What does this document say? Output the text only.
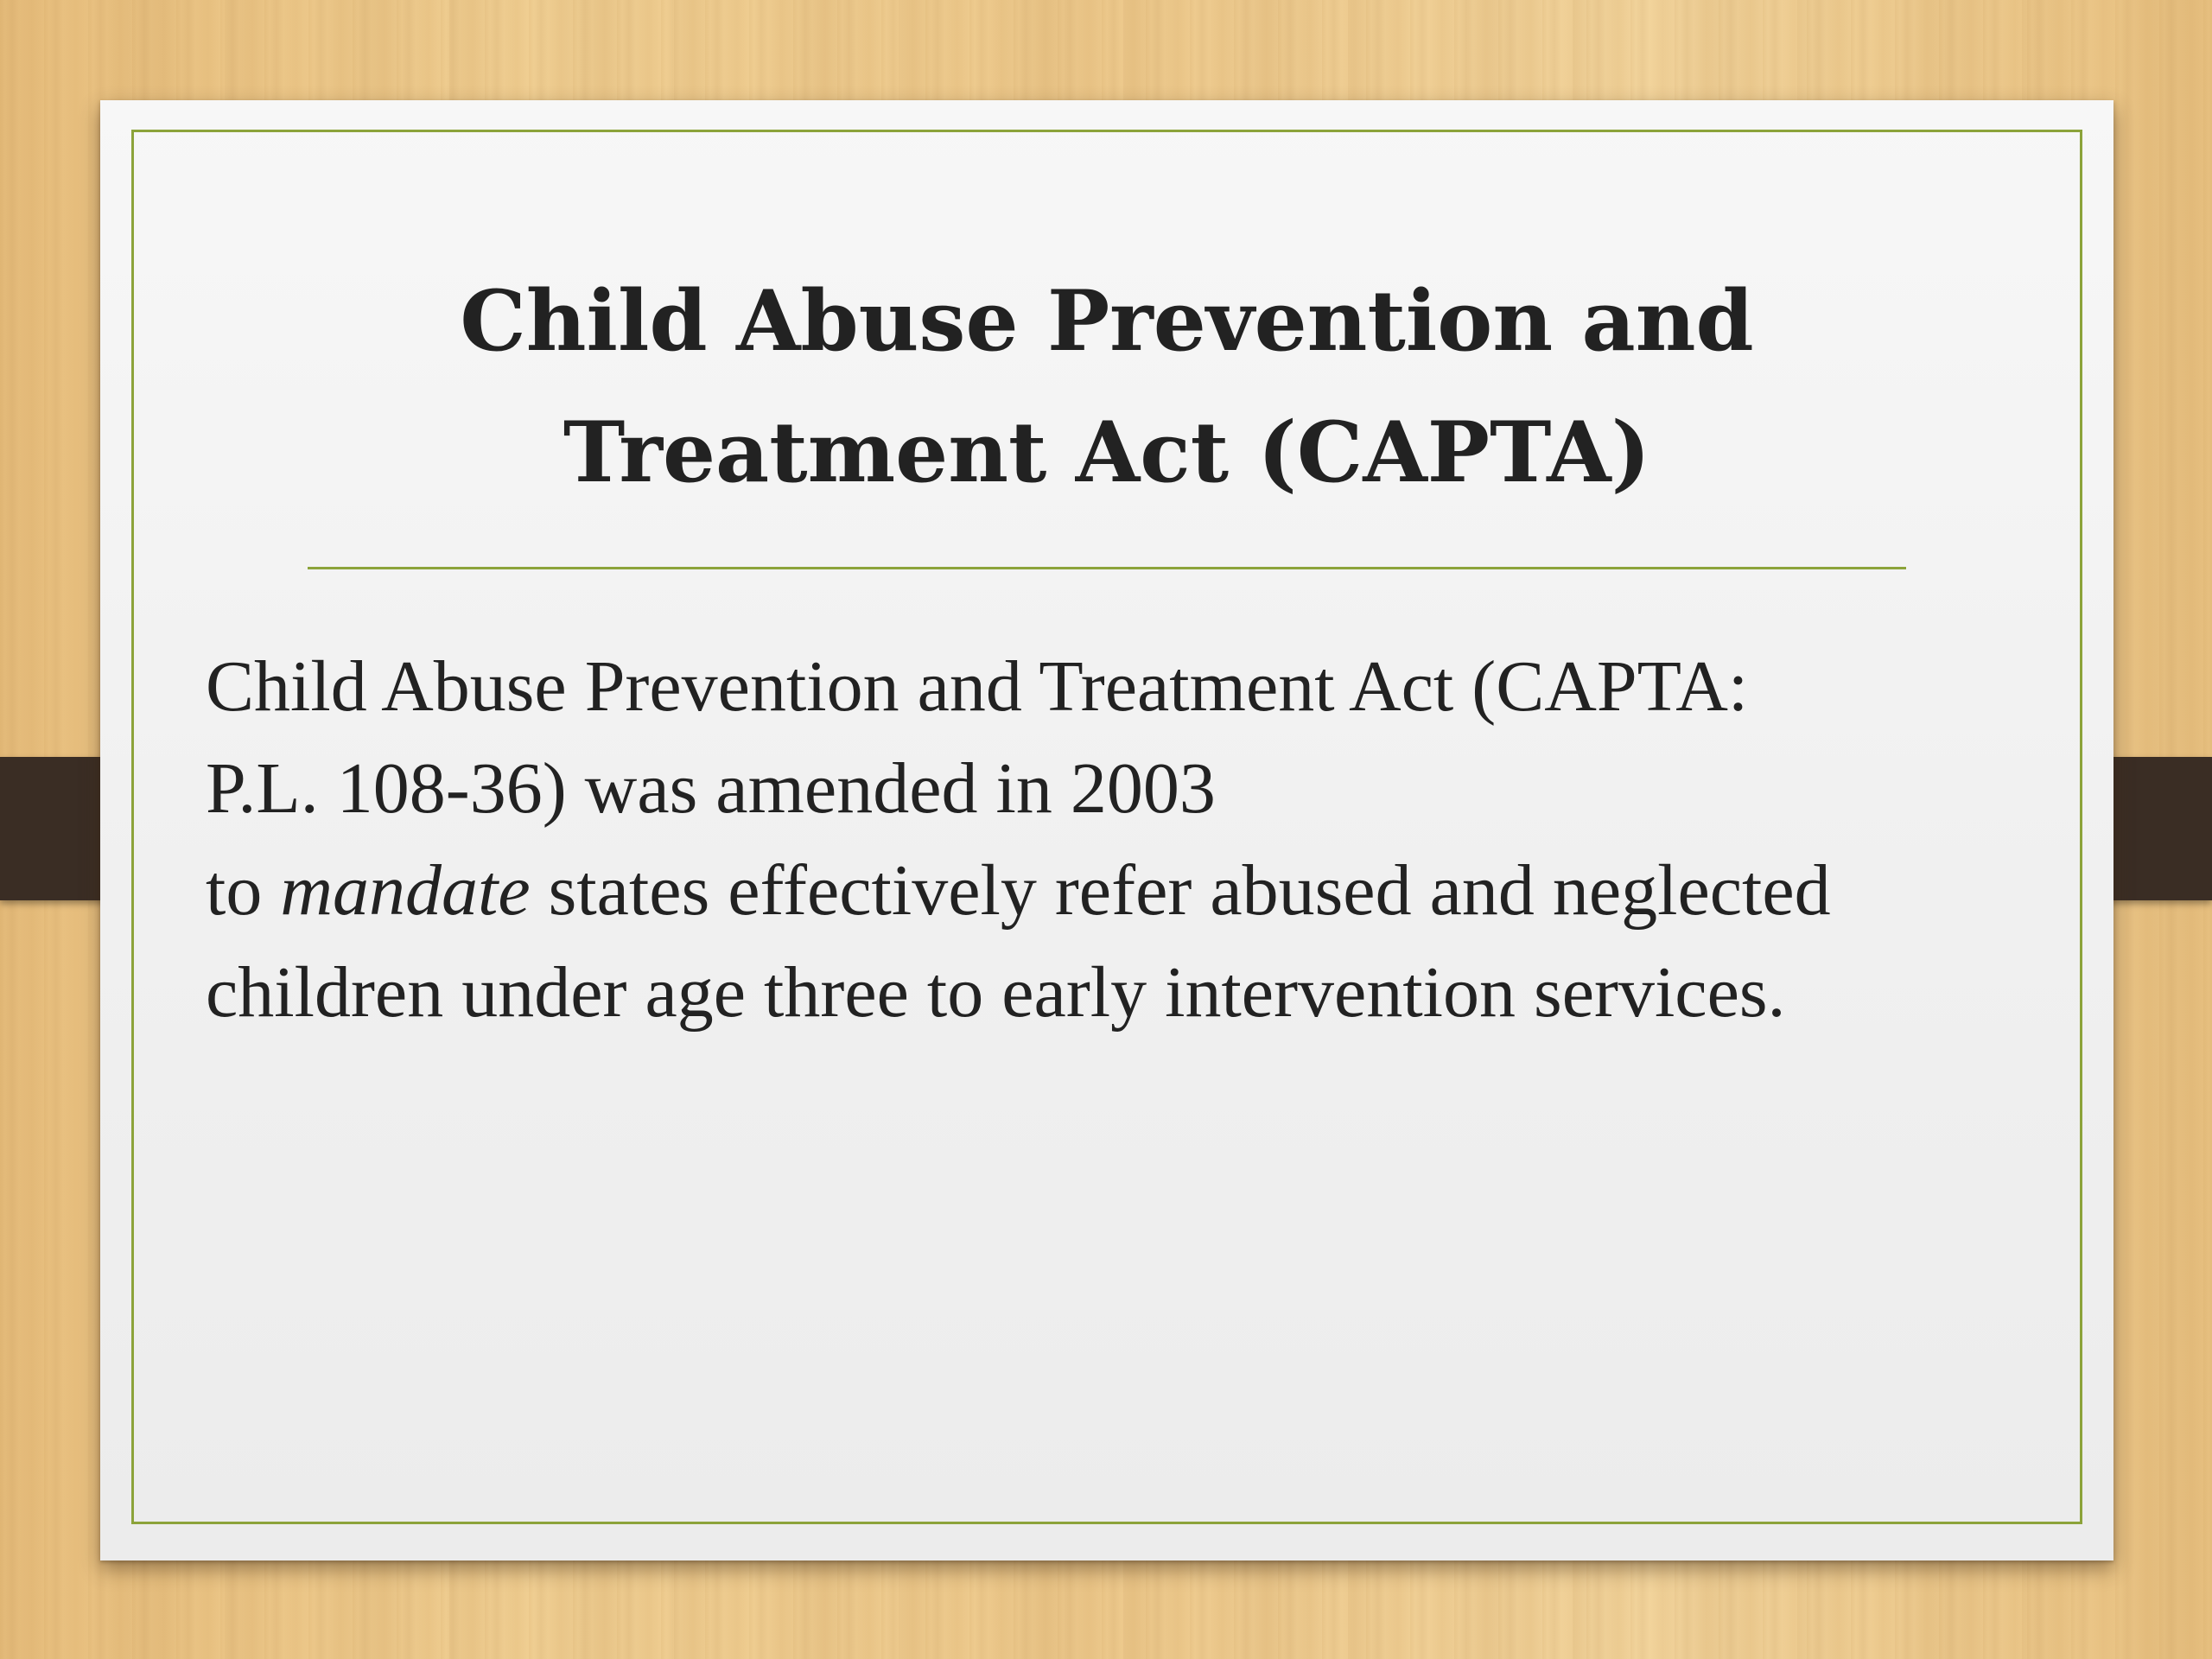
Child Abuse Prevention and
Treatment Act (CAPTA)

Child Abuse Prevention and Treatment Act (CAPTA: P.L. 108-36) was amended in 2003 to mandate states effectively refer abused and neglected children under age three to early intervention services.
